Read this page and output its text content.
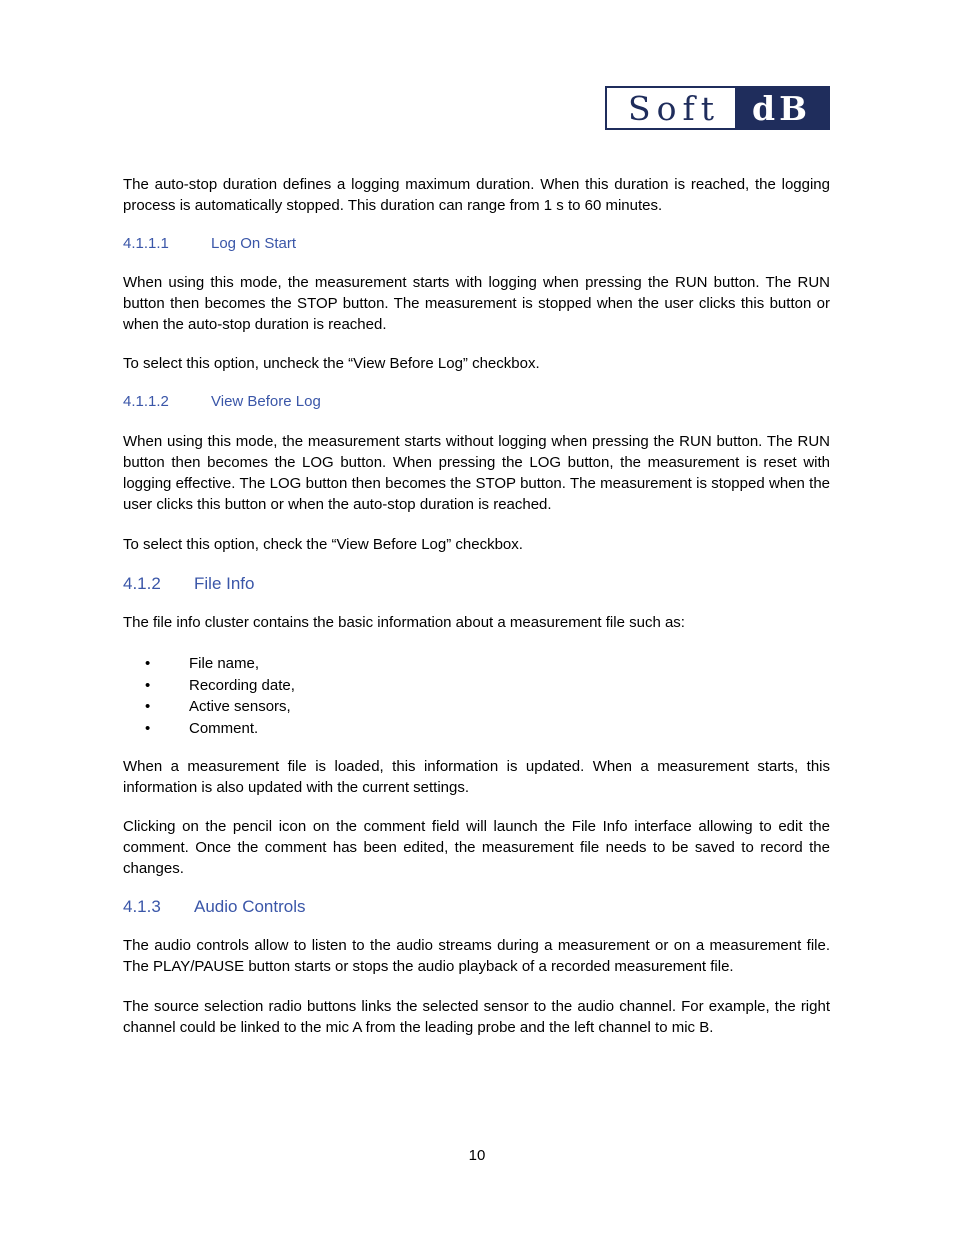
Soft dB

The auto-stop duration defines a logging maximum duration. When this duration is reached, the logging process is automatically stopped. This duration can range from 1 s to 60 minutes.

4.1.1.1	Log On Start

When using this mode, the measurement starts with logging when pressing the RUN button. The RUN button then becomes the STOP button. The measurement is stopped when the user clicks this button or when the auto-stop duration is reached.

To select this option, uncheck the “View Before Log” checkbox.

4.1.1.2	View Before Log

When using this mode, the measurement starts without logging when pressing the RUN button. The RUN button then becomes the LOG button. When pressing the LOG button, the measurement is reset with logging effective. The LOG button then becomes the STOP button. The measurement is stopped when the user clicks this button or when the auto-stop duration is reached.

To select this option, check the “View Before Log” checkbox.

4.1.2	File Info

The file info cluster contains the basic information about a measurement file such as:

•	File name,
•	Recording date,
•	Active sensors,
•	Comment.

When a measurement file is loaded, this information is updated. When a measurement starts, this information is also updated with the current settings.

Clicking on the pencil icon on the comment field will launch the File Info interface allowing to edit the comment. Once the comment has been edited, the measurement file needs to be saved to record the changes.

4.1.3	Audio Controls

The audio controls allow to listen to the audio streams during a measurement or on a measurement file. The PLAY/PAUSE button starts or stops the audio playback of a recorded measurement file.

The source selection radio buttons links the selected sensor to the audio channel. For example, the right channel could be linked to the mic A from the leading probe and the left channel to mic B.

10
